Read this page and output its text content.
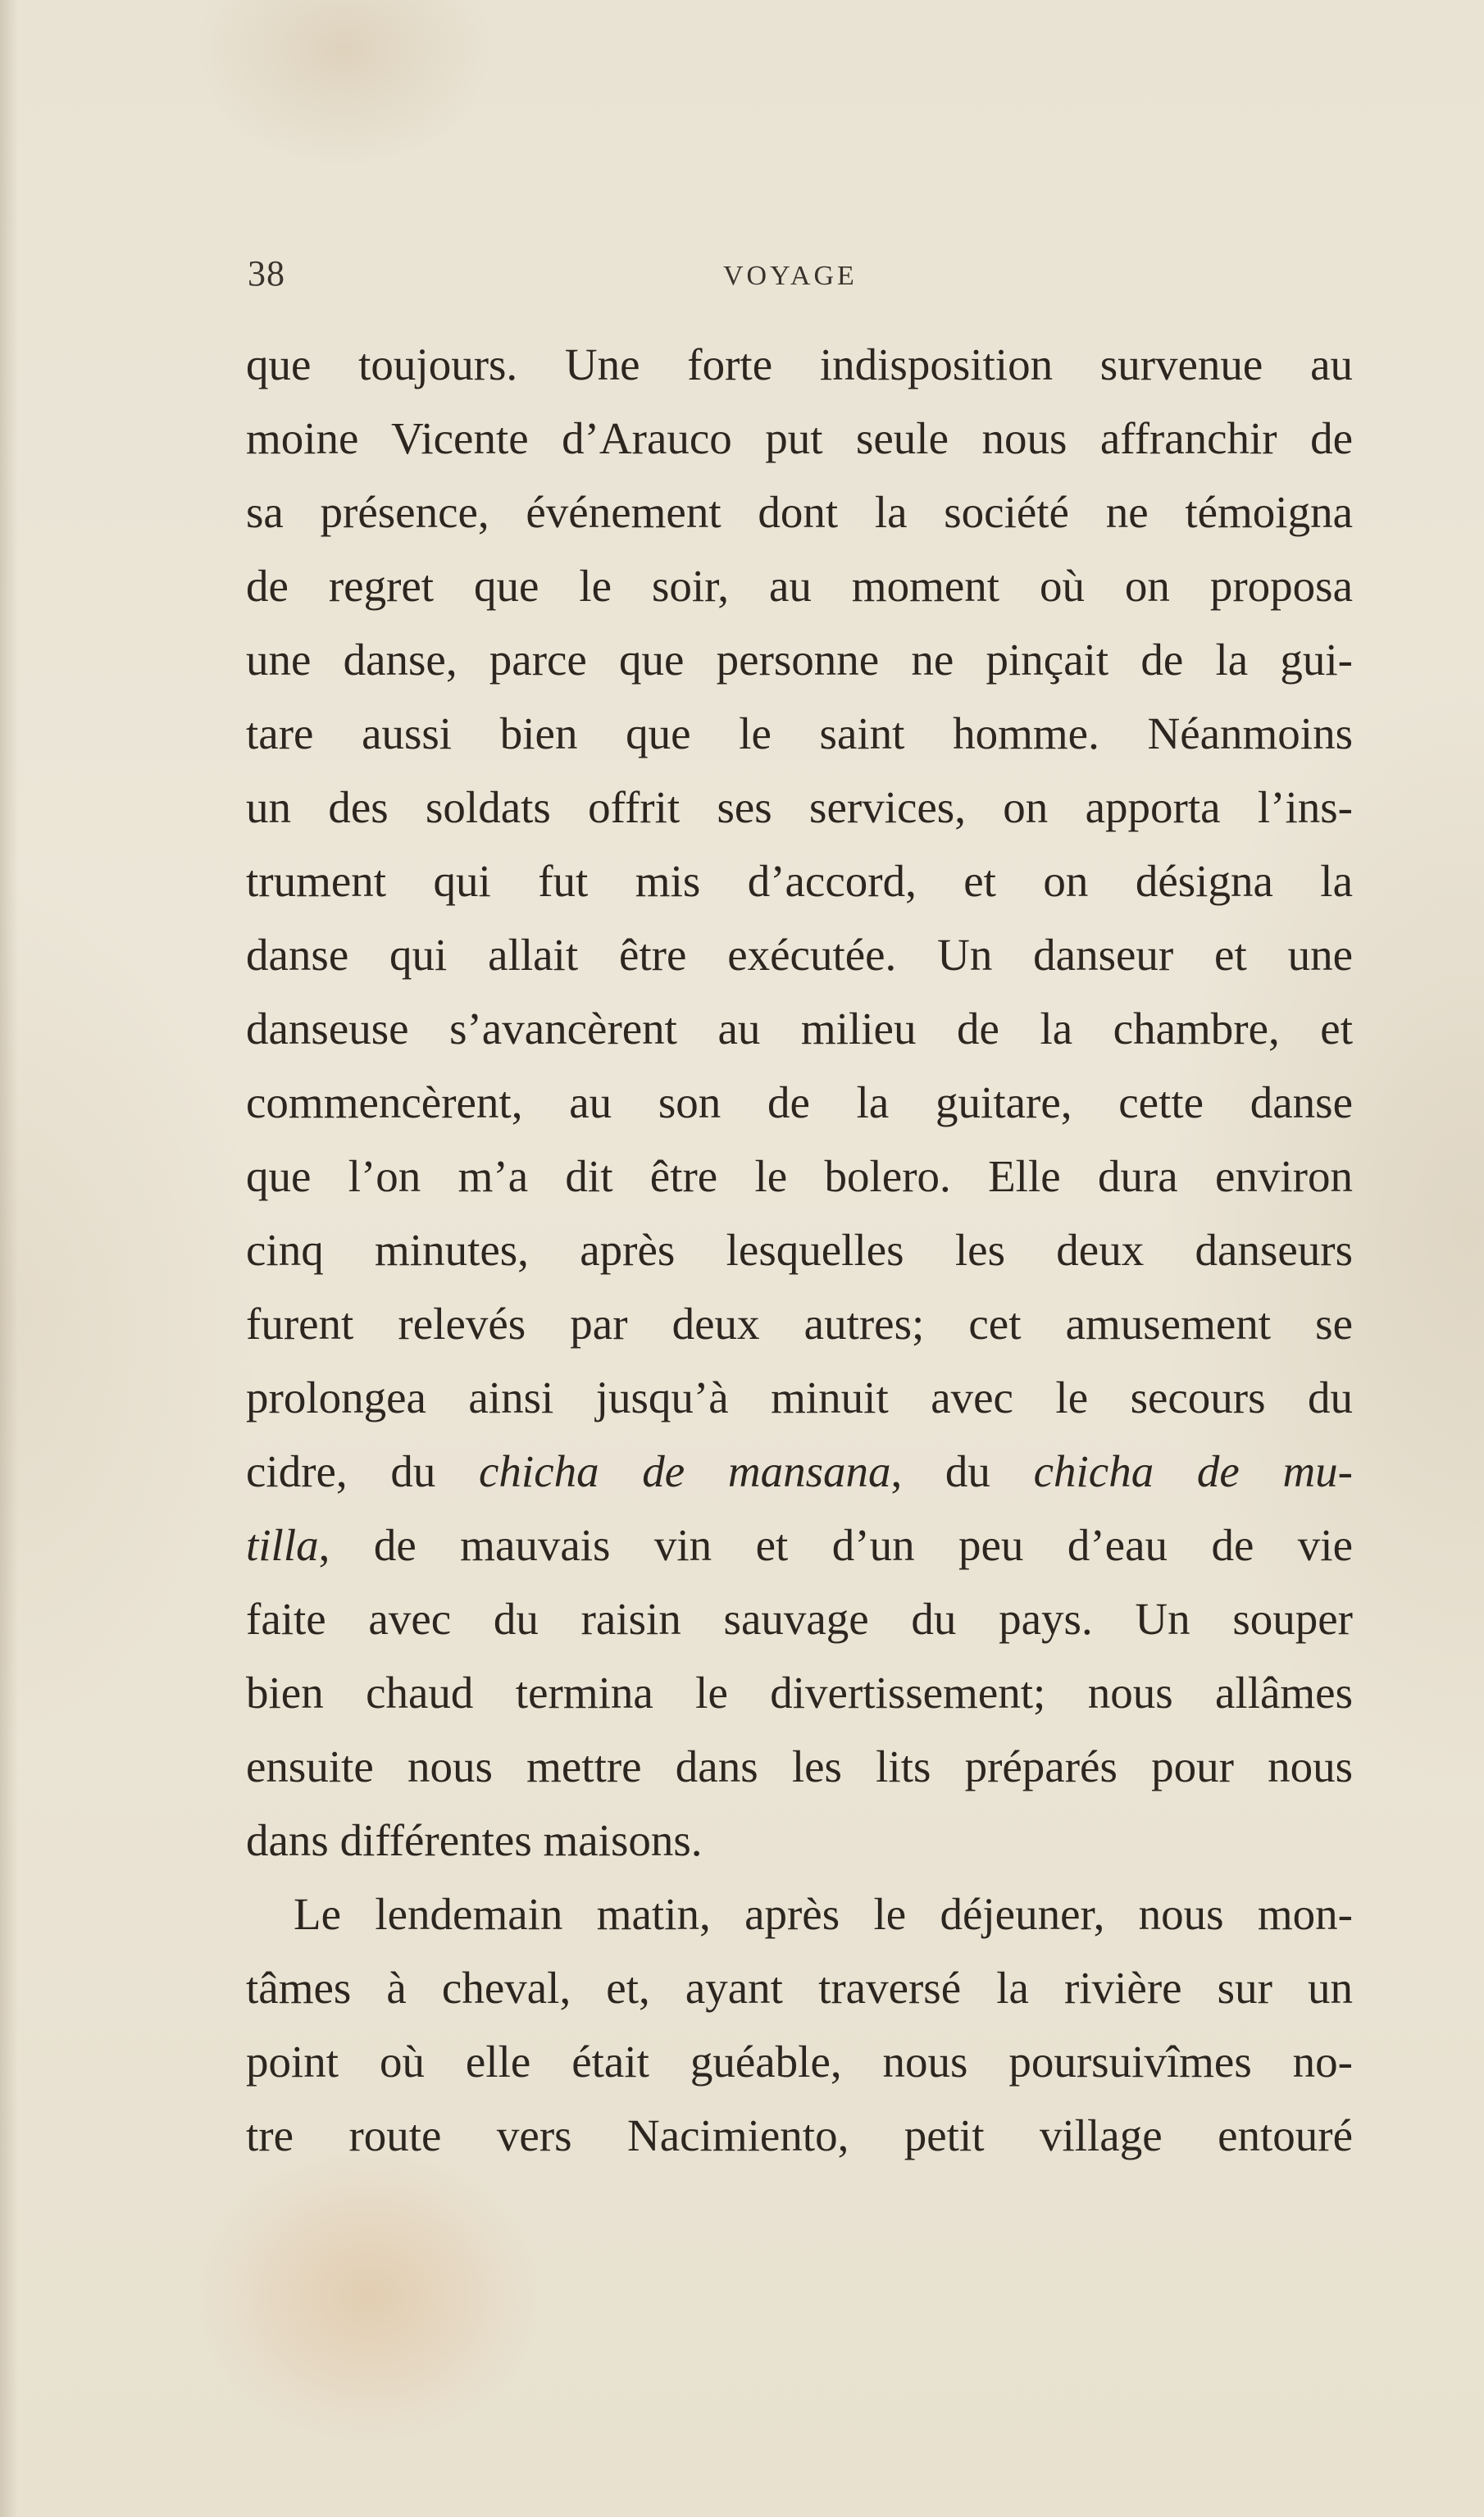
38	VOYAGE
que toujours. Une forte indisposition survenue au
moine Vicente d’Arauco put seule nous affranchir de
sa présence, événement dont la société ne témoigna
de regret que le soir, au moment où on proposa
une danse, parce que personne ne pinçait de la gui-
tare aussi bien que le saint homme. Néanmoins
un des soldats offrit ses services, on apporta l’ins-
trument qui fut mis d’accord, et on désigna la
danse qui allait être exécutée. Un danseur et une
danseuse s’avancèrent au milieu de la chambre, et
commencèrent, au son de la guitare, cette danse
que l’on m’a dit être le bolero. Elle dura environ
cinq minutes, après lesquelles les deux danseurs
furent relevés par deux autres; cet amusement se
prolongea ainsi jusqu’à minuit avec le secours du
cidre, du chicha de mansana, du chicha de mu-
tilla, de mauvais vin et d’un peu d’eau de vie
faite avec du raisin sauvage du pays. Un souper
bien chaud termina le divertissement; nous allâmes
ensuite nous mettre dans les lits préparés pour nous
dans différentes maisons.
Le lendemain matin, après le déjeuner, nous mon-
tâmes à cheval, et, ayant traversé la rivière sur un
point où elle était guéable, nous poursuivîmes no-
tre route vers Nacimiento, petit village entouré
